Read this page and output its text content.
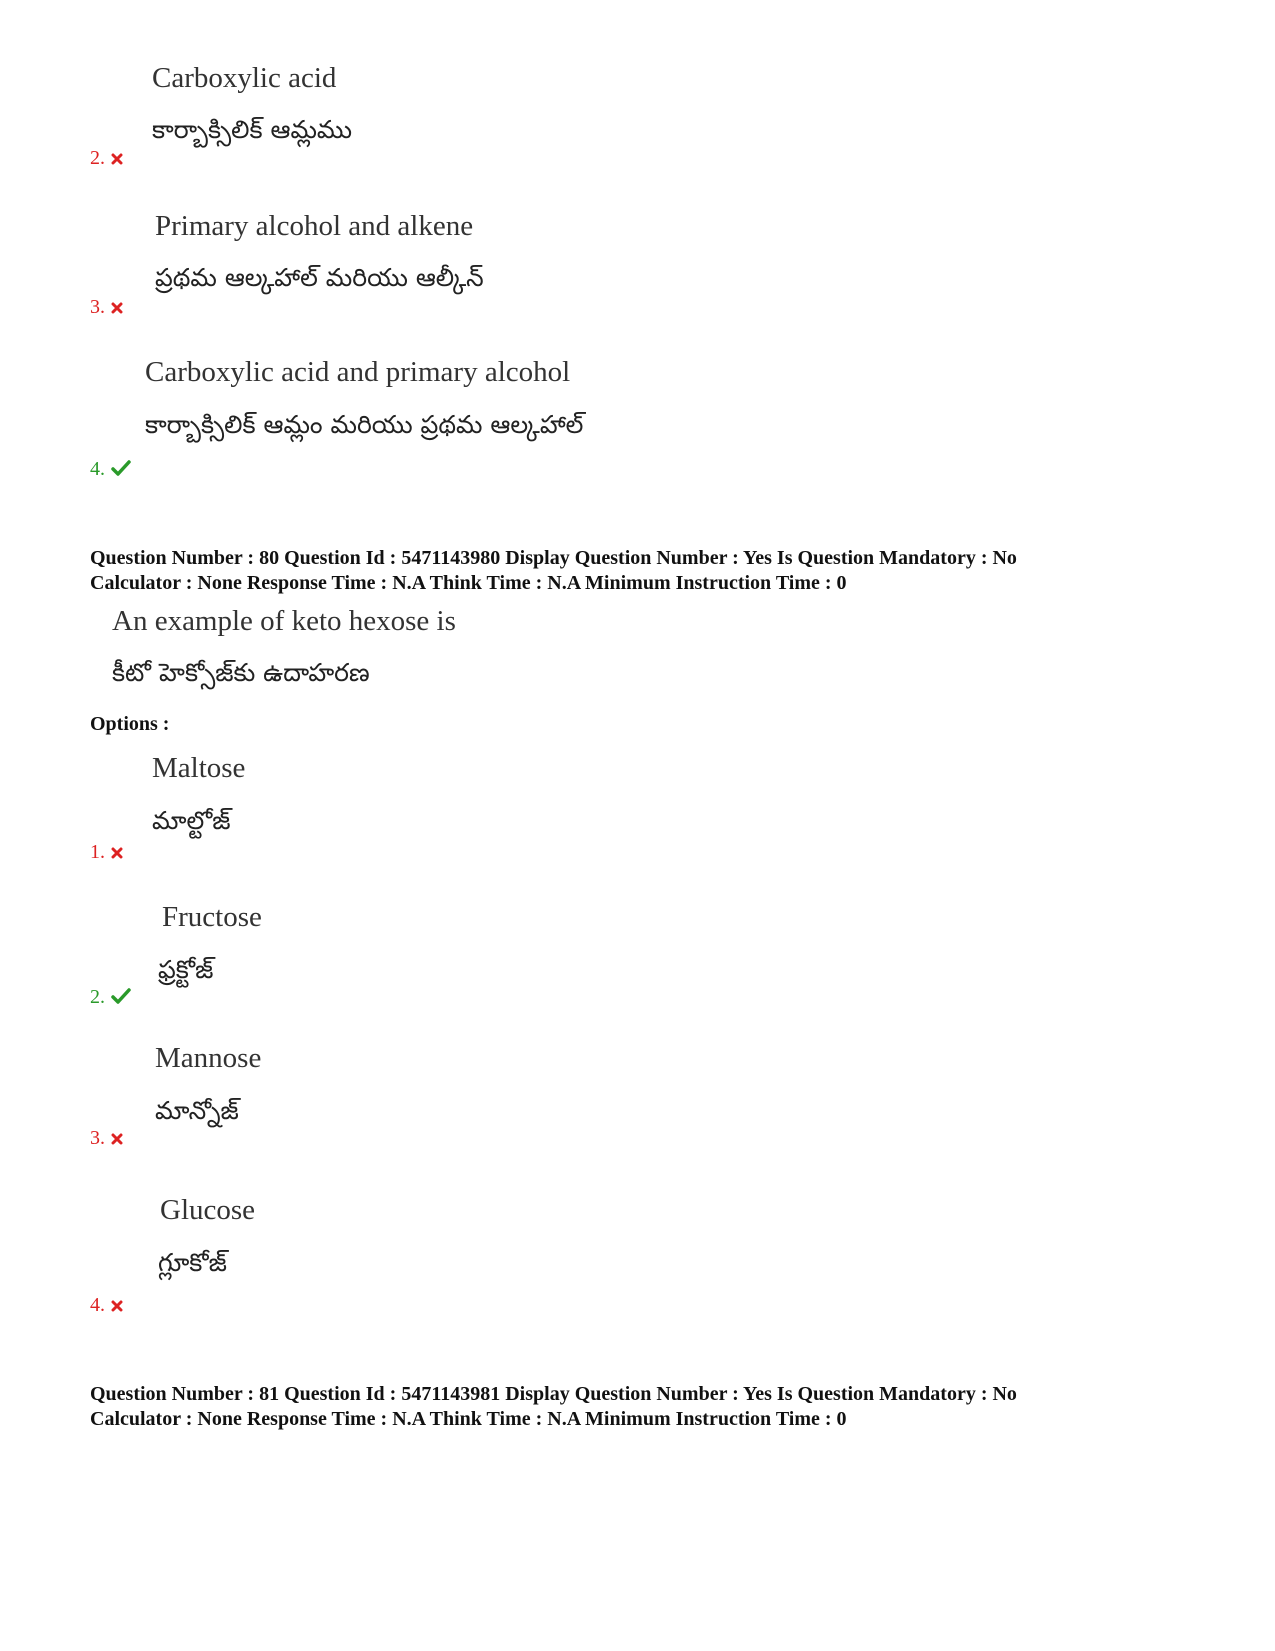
Carboxylic acid
కార్బాక్సిలిక్ ఆమ్లము
2.
Primary alcohol and alkene
ప్రథమ ఆల్కహాల్ మరియు ఆల్కీన్
3.
Carboxylic acid and primary alcohol
కార్బాక్సిలిక్ ఆమ్లం మరియు ప్రథమ ఆల్కహాల్
4.
Question Number : 80 Question Id : 5471143980 Display Question Number : Yes Is Question Mandatory : No
Calculator : None Response Time : N.A Think Time : N.A Minimum Instruction Time : 0
An example of keto hexose is
కీటో హెక్సోజ్‌కు ఉదాహరణ
Options :
Maltose
మాల్టోజ్
1.
Fructose
ఫ్రక్టోజ్
2.
Mannose
మాన్నోజ్
3.
Glucose
గ్లూకోజ్
4.
Question Number : 81 Question Id : 5471143981 Display Question Number : Yes Is Question Mandatory : No
Calculator : None Response Time : N.A Think Time : N.A Minimum Instruction Time : 0
